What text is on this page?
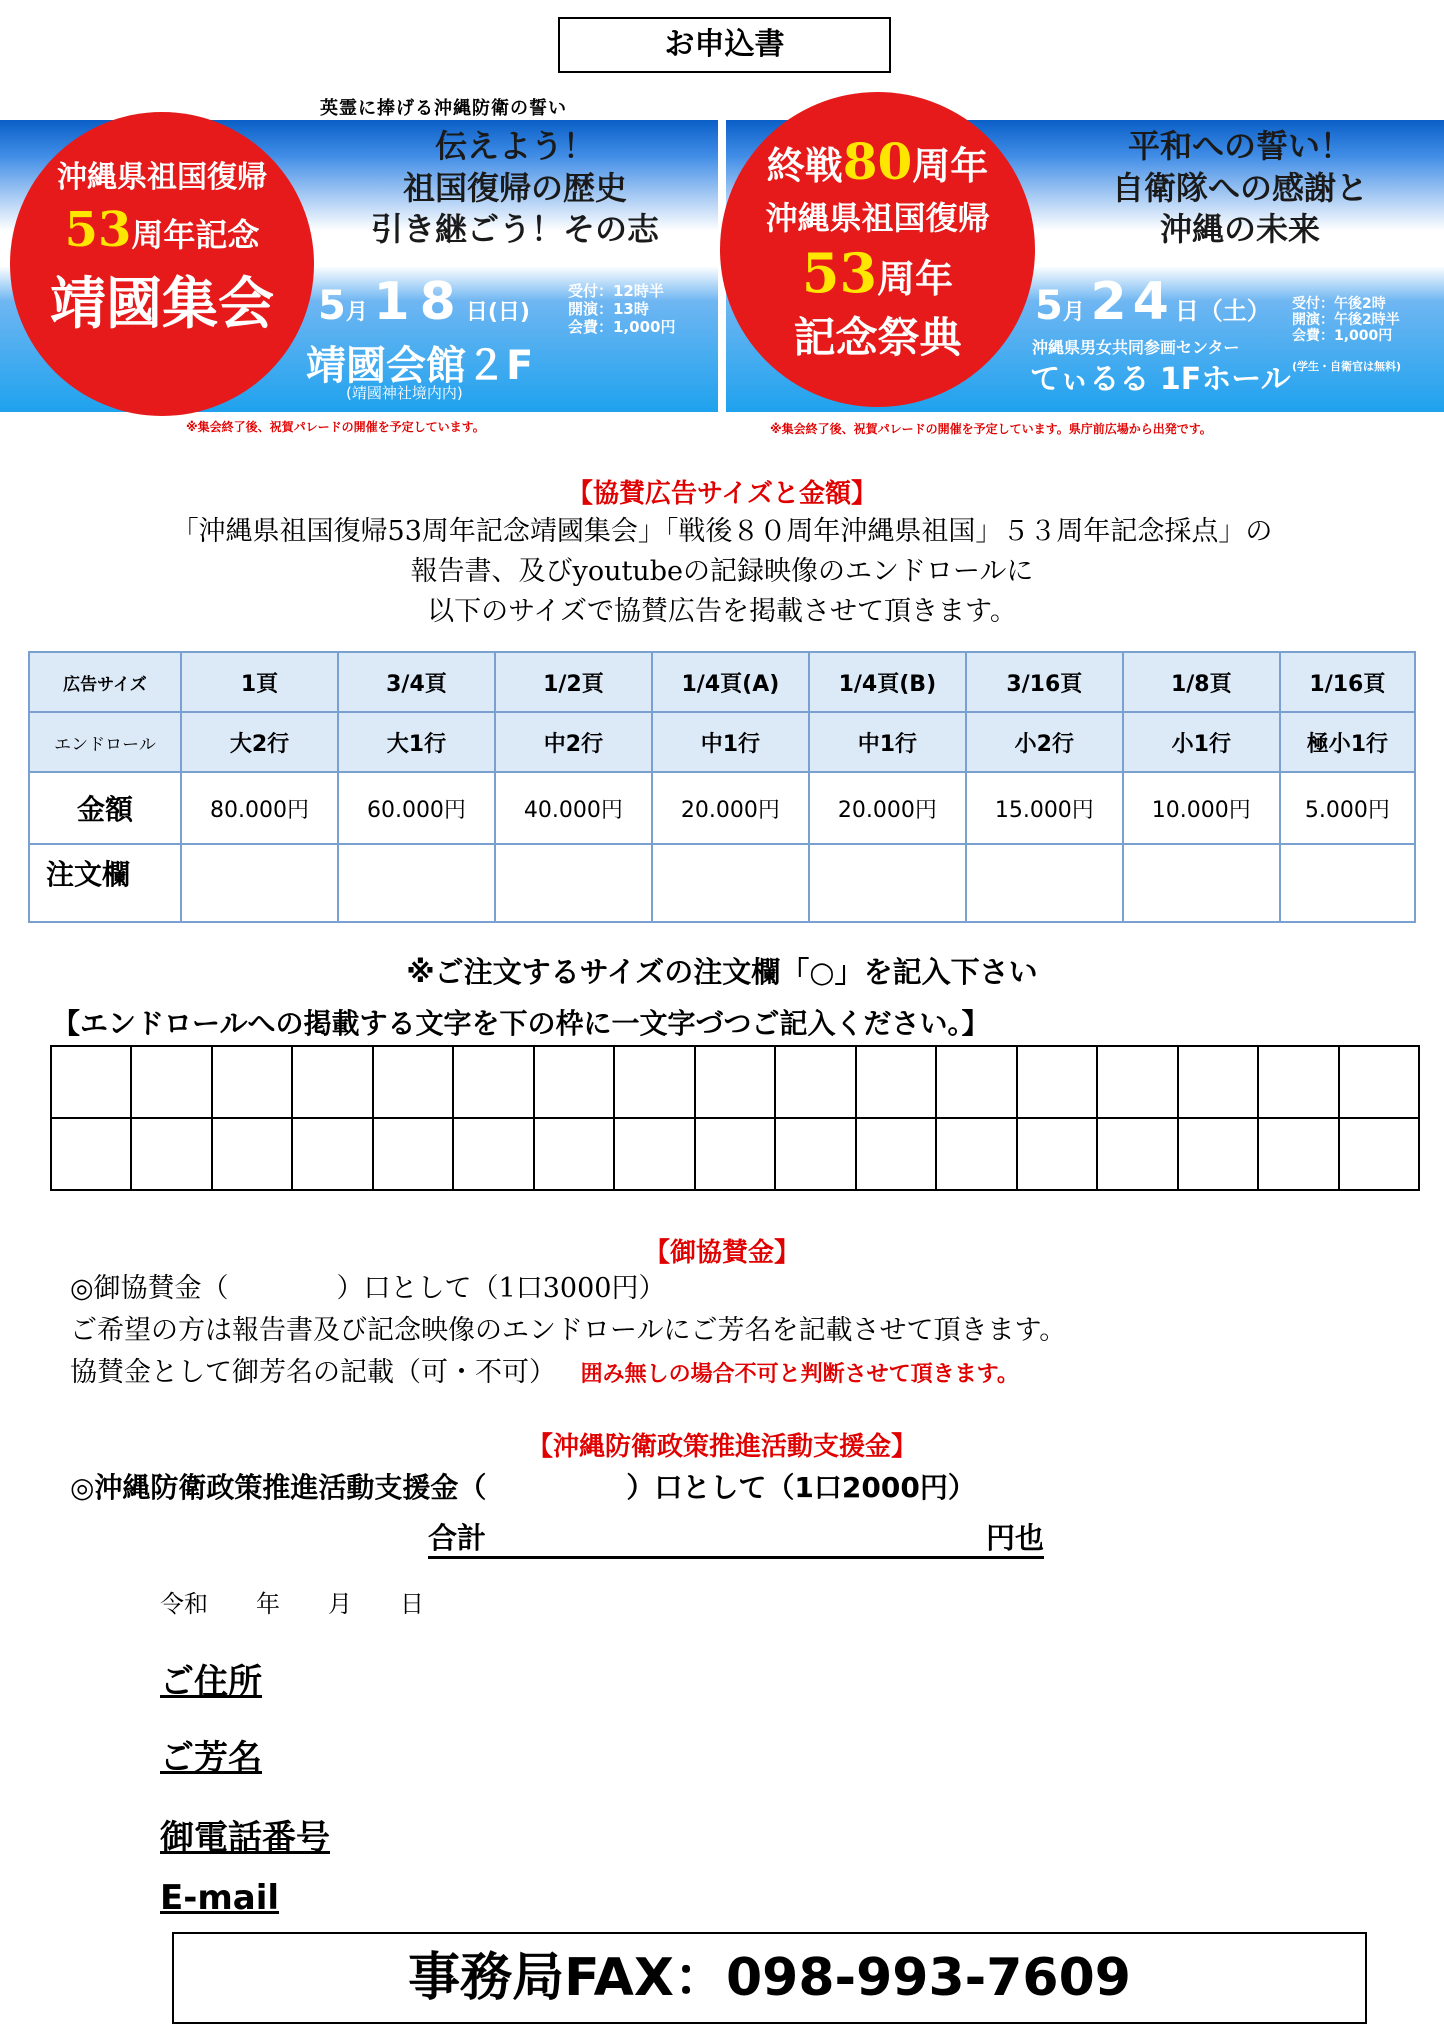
お申込書
英霊に捧げる沖縄防衛の誓い
沖縄県祖国復帰
53周年記念
靖國集会
伝えよう！
祖国復帰の歴史
引き継ごう！その志
5月 18日(日)
受付：12時半
開演：13時
会費：1,000円
靖國会館２F
(靖國神社境内内)
※集会終了後、祝賀パレードの開催を予定しています。
終戦80周年
沖縄県祖国復帰
53周年
記念祭典
平和への誓い！
自衛隊への感謝と
沖縄の未来
5月 24日（土） 受付：午後2時
開演：午後2時半
会費：1,000円
沖縄県男女共同参画センター
てぃるる 1Fホール (学生・自衛官は無料)
※集会終了後、祝賀パレードの開催を予定しています。県庁前広場から出発です。
【協賛広告サイズと金額】
「沖縄県祖国復帰53周年記念靖國集会」「戦後８０周年沖縄県祖国」５３周年記念採点」の
報告書、及びyoutubeの記録映像のエンドロールに
以下のサイズで協賛広告を掲載させて頂きます。
広告サイズ	1頁	3/4頁	1/2頁	1/4頁(A)	1/4頁(B)	3/16頁	1/8頁	1/16頁
エンドロール	大2行	大1行	中2行	中1行	中1行	小2行	小1行	極小1行
金額	80.000円	60.000円	40.000円	20.000円	20.000円	15.000円	10.000円	5.000円
注文欄								
※ご注文するサイズの注文欄「○」を記入下さい
【エンドロールへの掲載する文字を下の枠に一文字づつご記入ください。】

【御協賛金】
◎御協賛金（　　　　）口として（1口3000円）
ご希望の方は報告書及び記念映像のエンドロールにご芳名を記載させて頂きます。
協賛金として御芳名の記載（可・不可） 囲み無しの場合不可と判断させて頂きます。
【沖縄防衛政策推進活動支援金】
◎沖縄防衛政策推進活動支援金（　　　　　）口として（1口2000円）
合計	円也
令和　　年　　月　　日
ご住所
ご芳名
御電話番号
E-mail
事務局FAX：098-993-7609
